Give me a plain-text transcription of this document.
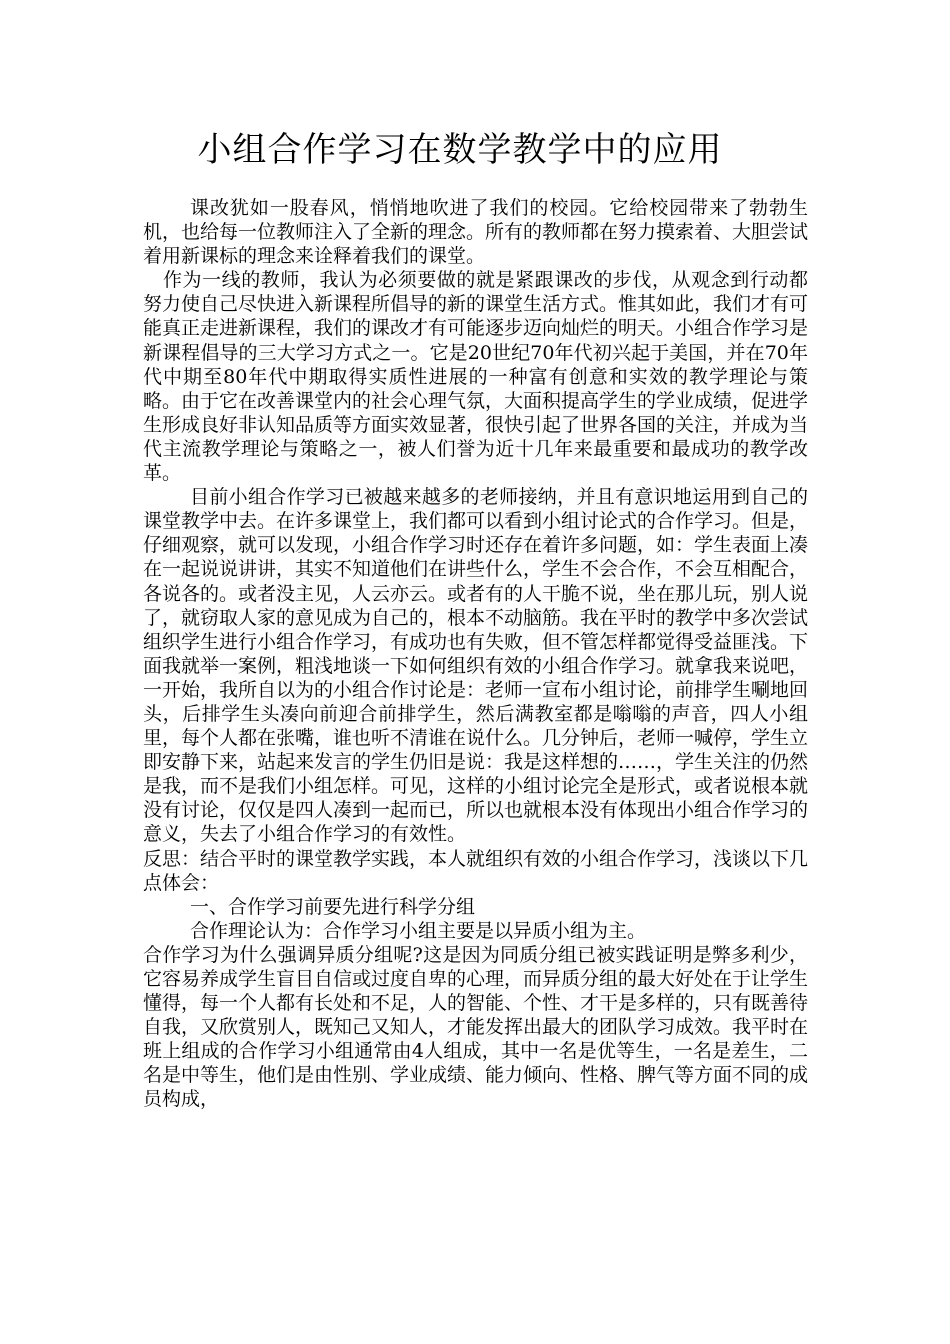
小组合作学习在数学教学中的应用

课改犹如一股春风，悄悄地吹进了我们的校园。它给校园带来了勃勃生机，也给每一位教师注入了全新的理念。所有的教师都在努力摸索着、大胆尝试着用新课标的理念来诠释着我们的课堂。

作为一线的教师，我认为必须要做的就是紧跟课改的步伐，从观念到行动都努力使自己尽快进入新课程所倡导的新的课堂生活方式。惟其如此，我们才有可能真正走进新课程，我们的课改才有可能逐步迈向灿烂的明天。小组合作学习是新课程倡导的三大学习方式之一。它是20世纪70年代初兴起于美国，并在70年代中期至80年代中期取得实质性进展的一种富有创意和实效的教学理论与策略。由于它在改善课堂内的社会心理气氛，大面积提高学生的学业成绩，促进学生形成良好非认知品质等方面实效显著，很快引起了世界各国的关注，并成为当代主流教学理论与策略之一，被人们誉为近十几年来最重要和最成功的教学改革。

目前小组合作学习已被越来越多的老师接纳，并且有意识地运用到自己的课堂教学中去。在许多课堂上，我们都可以看到小组讨论式的合作学习。但是，仔细观察，就可以发现，小组合作学习时还存在着许多问题，如：学生表面上凑在一起说说讲讲，其实不知道他们在讲些什么，学生不会合作，不会互相配合，各说各的。或者没主见，人云亦云。或者有的人干脆不说，坐在那儿玩，别人说了，就窃取人家的意见成为自己的，根本不动脑筋。我在平时的教学中多次尝试组织学生进行小组合作学习，有成功也有失败，但不管怎样都觉得受益匪浅。下面我就举一案例，粗浅地谈一下如何组织有效的小组合作学习。就拿我来说吧，一开始，我所自以为的小组合作讨论是：老师一宣布小组讨论，前排学生唰地回头，后排学生头凑向前迎合前排学生，然后满教室都是嗡嗡的声音，四人小组里，每个人都在张嘴，谁也听不清谁在说什么。几分钟后，老师一喊停，学生立即安静下来，站起来发言的学生仍旧是说：我是这样想的……，学生关注的仍然是我，而不是我们小组怎样。可见，这样的小组讨论完全是形式，或者说根本就没有讨论，仅仅是四人凑到一起而已，所以也就根本没有体现出小组合作学习的意义，失去了小组合作学习的有效性。

反思：结合平时的课堂教学实践，本人就组织有效的小组合作学习，浅谈以下几点体会：

一、合作学习前要先进行科学分组

合作理论认为：合作学习小组主要是以异质小组为主。

合作学习为什么强调异质分组呢?这是因为同质分组已被实践证明是弊多利少，它容易养成学生盲目自信或过度自卑的心理，而异质分组的最大好处在于让学生懂得，每一个人都有长处和不足，人的智能、个性、才干是多样的，只有既善待自我，又欣赏别人，既知己又知人，才能发挥出最大的团队学习成效。我平时在班上组成的合作学习小组通常由4人组成，其中一名是优等生，一名是差生，二名是中等生，他们是由性别、学业成绩、能力倾向、性格、脾气等方面不同的成员构成，
